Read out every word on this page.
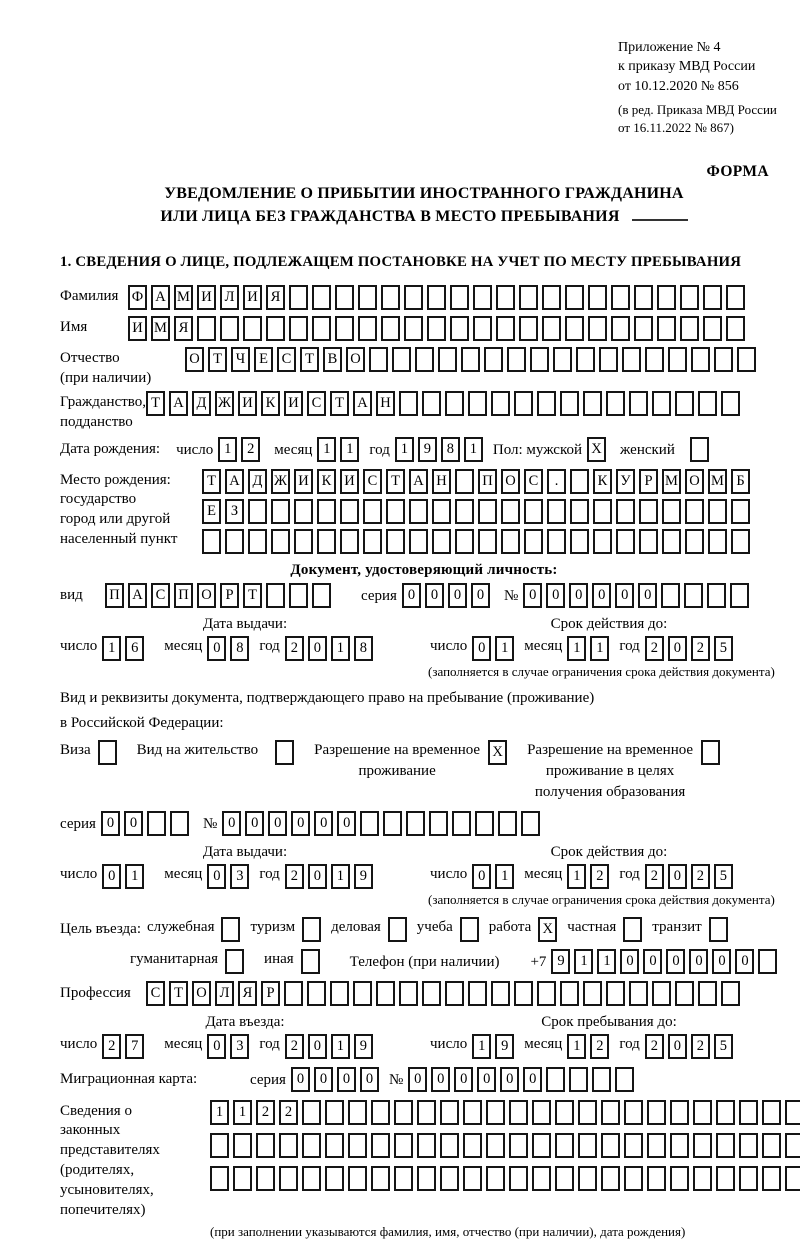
Приложение № 4
к приказу МВД России
от 10.12.2020 № 856
(в ред. Приказа МВД России
от 16.11.2022 № 867)
ФОРМА
УВЕДОМЛЕНИЕ О ПРИБЫТИИ ИНОСТРАННОГО ГРАЖДАНИНА
ИЛИ ЛИЦА БЕЗ ГРАЖДАНСТВА В МЕСТО ПРЕБЫВАНИЯ
1. СВЕДЕНИЯ О ЛИЦЕ, ПОДЛЕЖАЩЕМ ПОСТАНОВКЕ НА УЧЕТ ПО МЕСТУ ПРЕБЫВАНИЯ
Фамилия Ф А М И Л И Я
Имя	И М Я
Отчество
(при наличии)
О Т Ч Е С Т В О
Гражданство,
подданство
Т А Д Ж И К И С Т А Н
Дата рождения: число 1	2	месяц 1	1	год 1	9	8	1	Пол: мужской X женский
Место рождения:
государство
город или другой
населенный пункт
Т А Д Ж И К И С Т А Н П О С	.	К У Р М О М Б
Е	З
Документ, удостоверяющий личность:
вид	П А С П О Р	Т	серия 0	0	0	0	№ 0	0	0	0	0	0
Дата выдачи:	Срок действия до:
число 1	6	месяц 0	8	год 2	0	1	8	число 0	1	месяц 1	1	год 2	0	2	5
(заполняется в случае ограничения срока действия документа)
Вид и реквизиты документа, подтверждающего право на пребывание (проживание)
в Российской Федерации:
Виза	Вид на жительство	Разрешение на временное
проживание
X Разрешение на временное
проживание в целях
получения образования
серия 0	0	№ 0	0	0	0	0	0
Дата выдачи:	Срок действия до:
число 0	1	месяц 0	3	год 2	0	1	9	число 0	1	месяц 1	2	год 2	0	2	5
(заполняется в случае ограничения срока действия документа)
Цель въезда: служебная туризм деловая учеба работа X частная транзит
гуманитарная	иная	Телефон (при наличии) +7 9	1	1	0	0	0	0	0	0
Профессия	С Т О Л Я Р
Дата въезда:	Срок пребывания до:
число 2	7	месяц 0	3	год 2	0	1	9	число 1	9	месяц 1	2	год 2	0	2	5
Миграционная карта:	серия 0	0	0	0	№ 0	0	0	0	0	0
Сведения о
законных
представителях
(родителях,
усыновителях,
попечителях)
1	1	2	2
(при заполнении указываются фамилия, имя, отчество (при наличии), дата рождения)
